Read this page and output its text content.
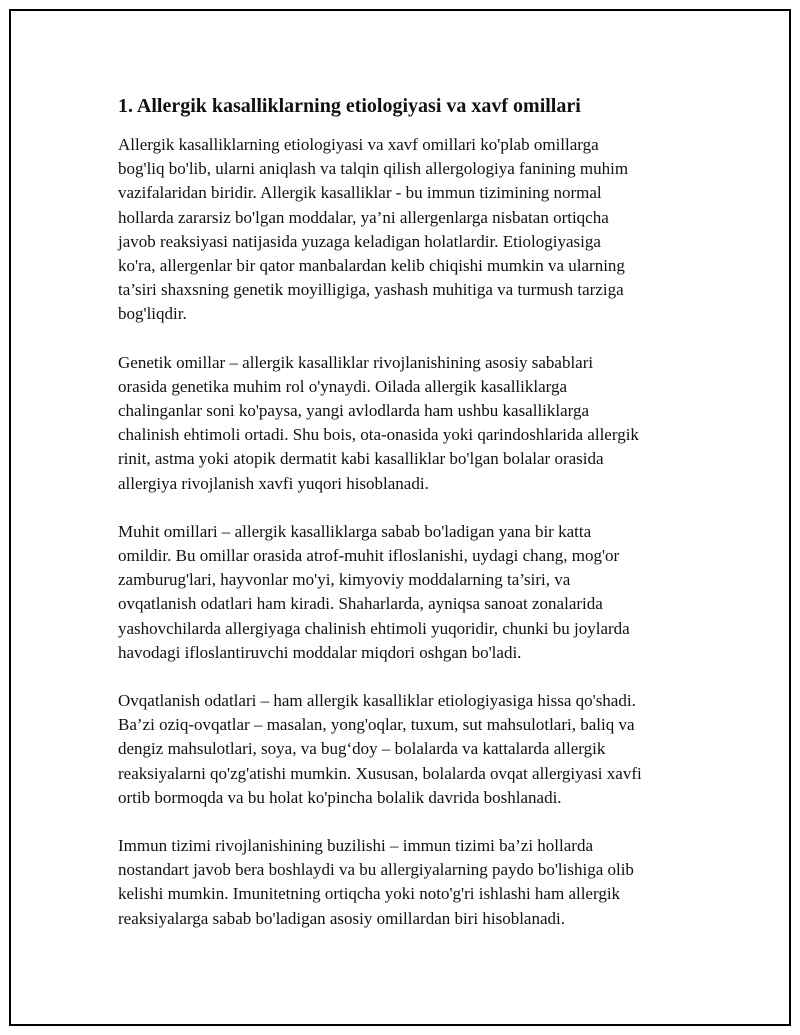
1. Allergik kasalliklarning etiologiyasi va xavf omillari

Allergik kasalliklarning etiologiyasi va xavf omillari ko'plab omillarga
bog'liq bo'lib, ularni aniqlash va talqin qilish allergologiya fanining muhim
vazifalaridan biridir. Allergik kasalliklar - bu immun tizimining normal
hollarda zararsiz bo'lgan moddalar, ya’ni allergenlarga nisbatan ortiqcha
javob reaksiyasi natijasida yuzaga keladigan holatlardir. Etiologiyasiga
ko'ra, allergenlar bir qator manbalardan kelib chiqishi mumkin va ularning
ta’siri shaxsning genetik moyilligiga, yashash muhitiga va turmush tarziga
bog'liqdir.

Genetik omillar – allergik kasalliklar rivojlanishining asosiy sabablari
orasida genetika muhim rol o'ynaydi. Oilada allergik kasalliklarga
chalinganlar soni ko'paysa, yangi avlodlarda ham ushbu kasalliklarga
chalinish ehtimoli ortadi. Shu bois, ota-onasida yoki qarindoshlarida allergik
rinit, astma yoki atopik dermatit kabi kasalliklar bo'lgan bolalar orasida
allergiya rivojlanish xavfi yuqori hisoblanadi.

Muhit omillari – allergik kasalliklarga sabab bo'ladigan yana bir katta
omildir. Bu omillar orasida atrof-muhit ifloslanishi, uydagi chang, mog'or
zamburug'lari, hayvonlar mo'yi, kimyoviy moddalarning ta’siri, va
ovqatlanish odatlari ham kiradi. Shaharlarda, ayniqsa sanoat zonalarida
yashovchilarda allergiyaga chalinish ehtimoli yuqoridir, chunki bu joylarda
havodagi ifloslantiruvchi moddalar miqdori oshgan bo'ladi.

Ovqatlanish odatlari – ham allergik kasalliklar etiologiyasiga hissa qo'shadi.
Ba’zi oziq-ovqatlar – masalan, yong'oqlar, tuxum, sut mahsulotlari, baliq va
dengiz mahsulotlari, soya, va bug‘doy – bolalarda va kattalarda allergik
reaksiyalarni qo'zg'atishi mumkin. Xususan, bolalarda ovqat allergiyasi xavfi
ortib bormoqda va bu holat ko'pincha bolalik davrida boshlanadi.

Immun tizimi rivojlanishining buzilishi – immun tizimi ba’zi hollarda
nostandart javob bera boshlaydi va bu allergiyalarning paydo bo'lishiga olib
kelishi mumkin. Imunitetning ortiqcha yoki noto'g'ri ishlashi ham allergik
reaksiyalarga sabab bo'ladigan asosiy omillardan biri hisoblanadi.
